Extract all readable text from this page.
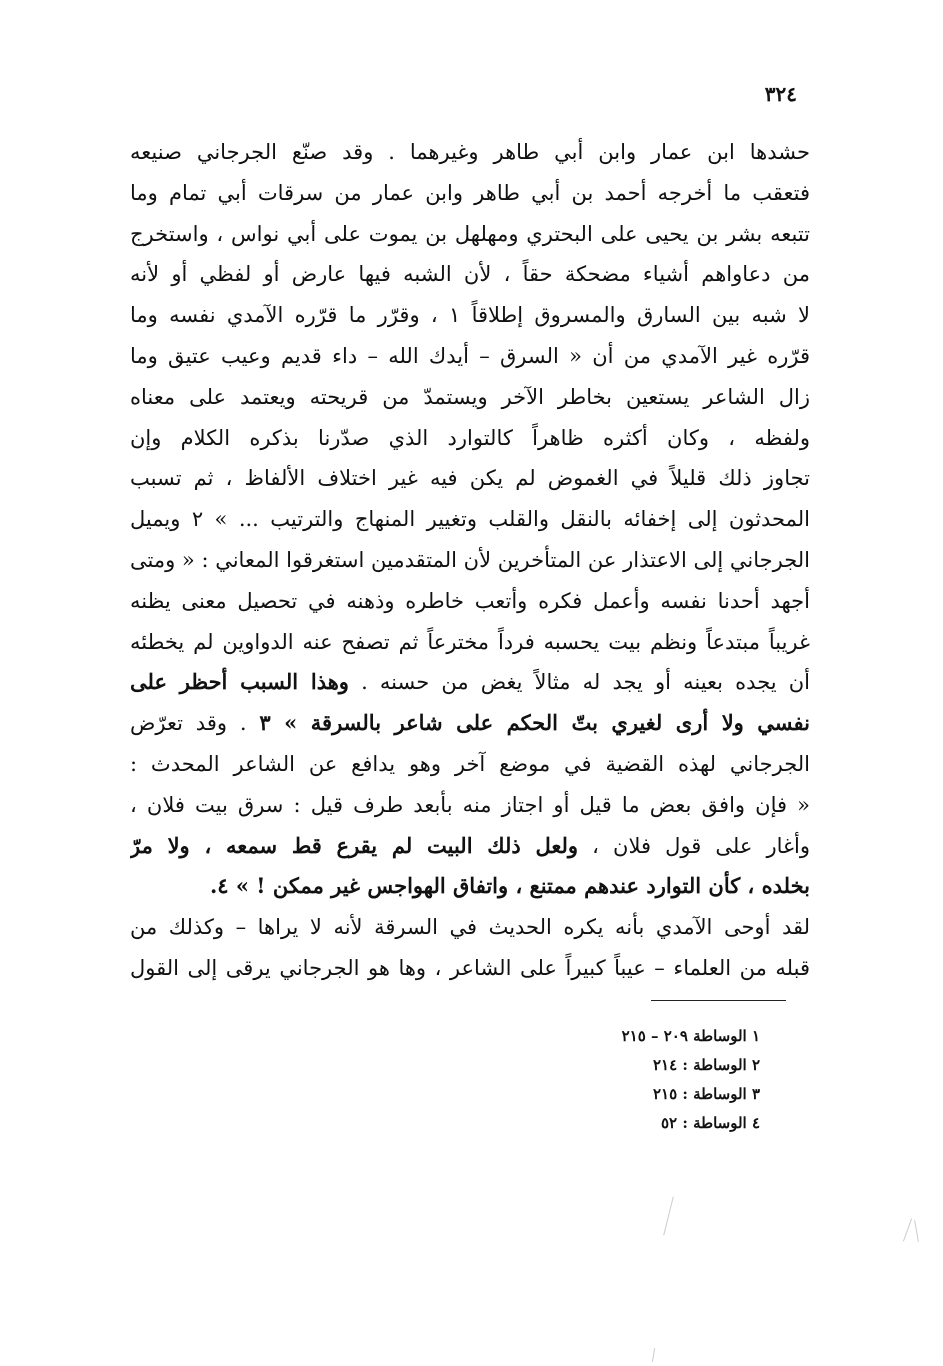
٣٢٤
حشدها ابن عمار وابن أبي طاهر وغيرهما . وقد صنّع الجرجاني صنيعه
فتعقب ما أخرجه أحمد بن أبي طاهر وابن عمار من سرقات أبي تمام وما
تتبعه بشر بن يحيى على البحتري ومهلهل بن يموت على أبي نواس ، واستخرج
من دعاواهم أشياء مضحكة حقاً ، لأن الشبه فيها عارض أو لفظي أو لأنه
لا شبه بين السارق والمسروق إطلاقاً ١ ، وقرّر ما قرّره الآمدي نفسه وما
قرّره غير الآمدي من أن « السرق – أيدك الله – داء قديم وعيب عتيق وما
زال الشاعر يستعين بخاطر الآخر ويستمدّ من قريحته ويعتمد على معناه
ولفظه ، وكان أكثره ظاهراً كالتوارد الذي صدّرنا بذكره الكلام وإن
تجاوز ذلك قليلاً في الغموض لم يكن فيه غير اختلاف الألفاظ ، ثم تسبب
المحدثون إلى إخفائه بالنقل والقلب وتغيير المنهاج والترتيب ... » ٢ ويميل
الجرجاني إلى الاعتذار عن المتأخرين لأن المتقدمين استغرقوا المعاني : « ومتى
أجهد أحدنا نفسه وأعمل فكره وأتعب خاطره وذهنه في تحصيل معنى يظنه
غريباً مبتدعاً ونظم بيت يحسبه فرداً مخترعاً ثم تصفح عنه الدواوين لم يخطئه
أن يجده بعينه أو يجد له مثالاً يغض من حسنه . وهذا السبب أحظر على
نفسي ولا أرى لغيري بتّ الحكم على شاعر بالسرقة » ٣ . وقد تعرّض
الجرجاني لهذه القضية في موضع آخر وهو يدافع عن الشاعر المحدث :
« فإن وافق بعض ما قيل أو اجتاز منه بأبعد طرف قيل : سرق بيت فلان ،
وأغار على قول فلان ، ولعل ذلك البيت لم يقرع قط سمعه ، ولا مرّ
بخلده ، كأن التوارد عندهم ممتنع ، واتفاق الهواجس غير ممكن ! » ٤.
لقد أوحى الآمدي بأنه يكره الحديث في السرقة لأنه لا يراها – وكذلك من
قبله من العلماء – عيباً كبيراً على الشاعر ، وها هو الجرجاني يرقى إلى القول
١ الوساطة ٢٠٩ – ٢١٥
٢ الوساطة : ٢١٤
٣ الوساطة : ٢١٥
٤ الوساطة : ٥٢
